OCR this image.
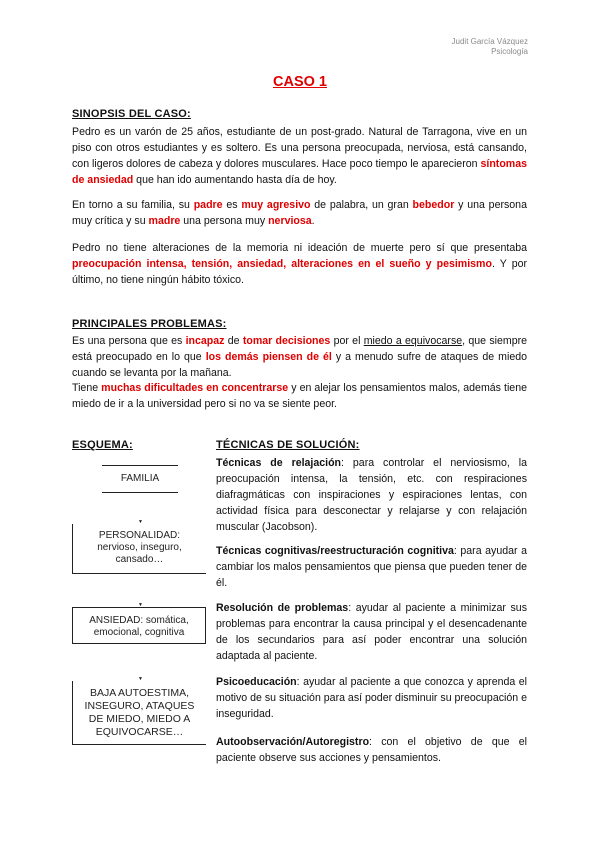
Judit García Vázquez
Psicología
CASO 1
SINOPSIS DEL CASO:
Pedro es un varón de 25 años, estudiante de un post-grado. Natural de Tarragona, vive en un piso con otros estudiantes y es soltero. Es una persona preocupada, nerviosa, está cansando, con ligeros dolores de cabeza y dolores musculares. Hace poco tiempo le aparecieron síntomas de ansiedad que han ido aumentando hasta día de hoy.
En torno a su familia, su padre es muy agresivo de palabra, un gran bebedor y una persona muy crítica y su madre una persona muy nerviosa.
Pedro no tiene alteraciones de la memoria ni ideación de muerte pero sí que presentaba preocupación intensa, tensión, ansiedad, alteraciones en el sueño y pesimismo. Y por último, no tiene ningún hábito tóxico.
PRINCIPALES PROBLEMAS:
Es una persona que es incapaz de tomar decisiones por el miedo a equivocarse, que siempre está preocupado en lo que los demás piensen de él y a menudo sufre de ataques de miedo cuando se levanta por la mañana.
Tiene muchas dificultades en concentrarse y en alejar los pensamientos malos, además tiene miedo de ir a la universidad pero si no va se siente peor.
ESQUEMA:	TÉCNICAS DE SOLUCIÓN:
FAMILIA
▼
PERSONALIDAD:
nervioso, inseguro, cansado…
▼
ANSIEDAD: somática, emocional, cognitiva
▼
BAJA AUTOESTIMA, INSEGURO, ATAQUES DE MIEDO, MIEDO A EQUIVOCARSE…
Técnicas de relajación: para controlar el nerviosismo, la preocupación intensa, la tensión, etc. con respiraciones diafragmáticas con inspiraciones y espiraciones lentas, con actividad física para desconectar y relajarse y con relajación muscular (Jacobson).
Técnicas cognitivas/reestructuración cognitiva: para ayudar a cambiar los malos pensamientos que piensa que pueden tener de él.
Resolución de problemas: ayudar al paciente a minimizar sus problemas para encontrar la causa principal y el desencadenante de los secundarios para así poder encontrar una solución adaptada al paciente.
Psicoeducación: ayudar al paciente a que conozca y aprenda el motivo de su situación para así poder disminuir su preocupación e inseguridad.
Autoobservación/Autoregistro: con el objetivo de que el paciente observe sus acciones y pensamientos.
